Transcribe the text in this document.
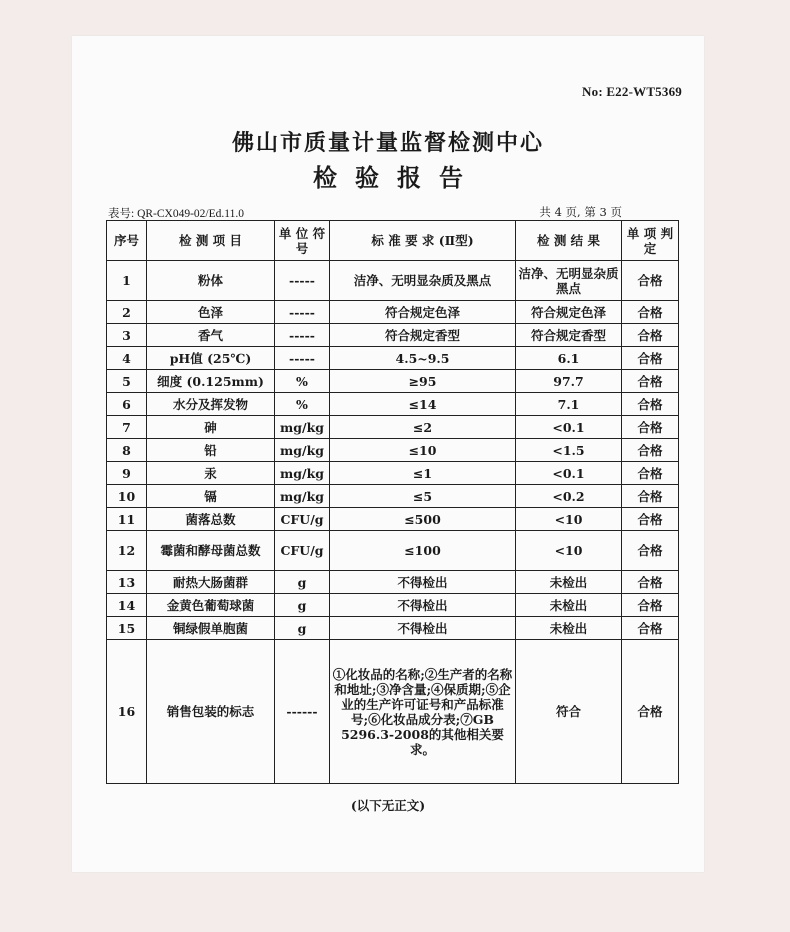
No: E22-WT5369
佛山市质量计量监督检测中心
检验报告
表号: QR-CX049-02/Ed.11.0	共 4 页, 第 3 页
序号	检 测 项 目	单 位 符 号	标 准 要 求 (Ⅱ型)	检 测 结 果	单 项 判 定
1	粉体	-----	洁净、无明显杂质及黑点	洁净、无明显杂质黑点	合格
2	色泽	-----	符合规定色泽	符合规定色泽	合格
3	香气	-----	符合规定香型	符合规定香型	合格
4	pH值 (25℃)	-----	4.5~9.5	6.1	合格
5	细度 (0.125mm)	%	≥95	97.7	合格
6	水分及挥发物	%	≤14	7.1	合格
7	砷	mg/kg	≤2	<0.1	合格
8	铅	mg/kg	≤10	<1.5	合格
9	汞	mg/kg	≤1	<0.1	合格
10	镉	mg/kg	≤5	<0.2	合格
11	菌落总数	CFU/g	≤500	<10	合格
12	霉菌和酵母菌总数	CFU/g	≤100	<10	合格
13	耐热大肠菌群	g	不得检出	未检出	合格
14	金黄色葡萄球菌	g	不得检出	未检出	合格
15	铜绿假单胞菌	g	不得检出	未检出	合格
16	销售包装的标志	------	①化妆品的名称;②生产者的名称和地址;③净含量;④保质期;⑤企业的生产许可证号和产品标准号;⑥化妆品成分表;⑦GB 5296.3-2008的其他相关要求。	符合	合格
(以下无正文)
